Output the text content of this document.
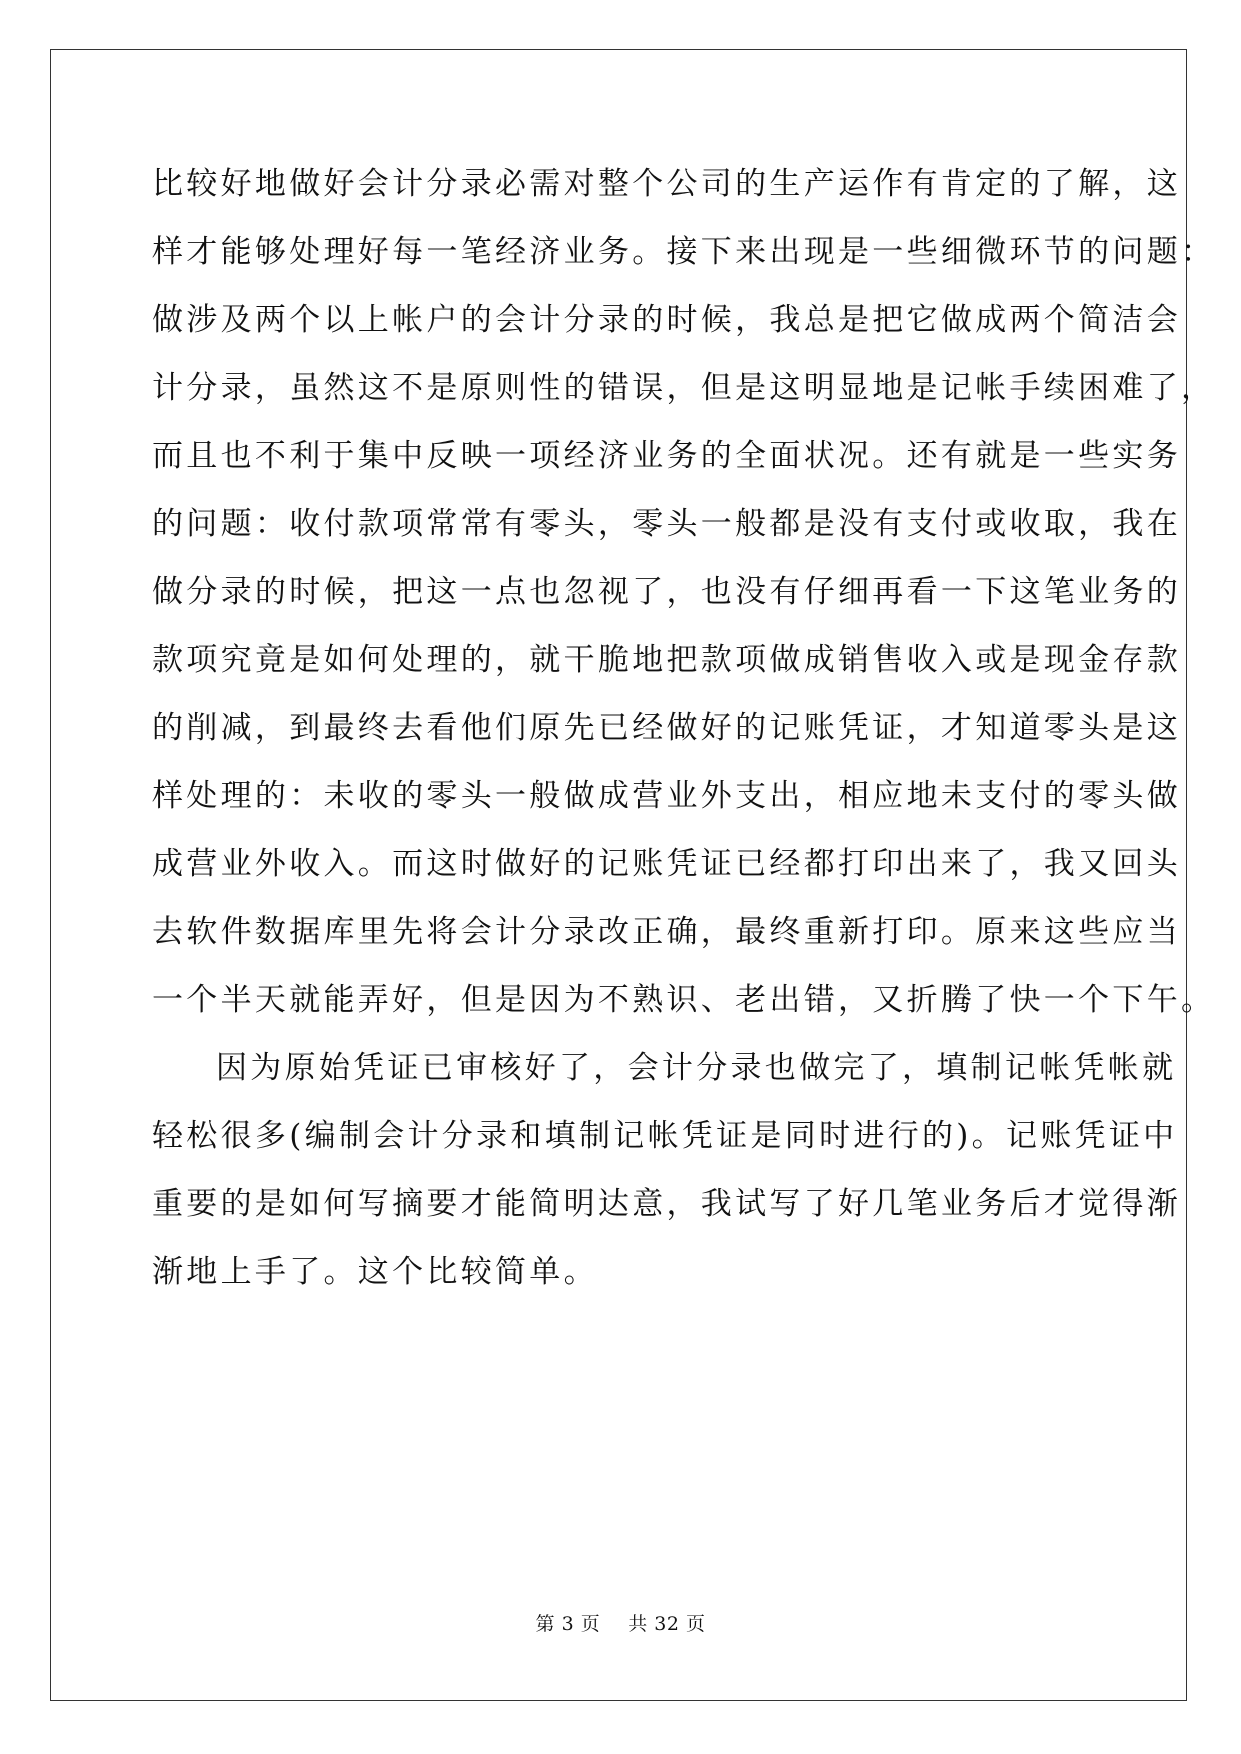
比较好地做好会计分录必需对整个公司的生产运作有肯定的了解，这
样才能够处理好每一笔经济业务。接下来出现是一些细微环节的问题：
做涉及两个以上帐户的会计分录的时候，我总是把它做成两个简洁会
计分录，虽然这不是原则性的错误，但是这明显地是记帐手续困难了，
而且也不利于集中反映一项经济业务的全面状况。还有就是一些实务
的问题：收付款项常常有零头，零头一般都是没有支付或收取，我在
做分录的时候，把这一点也忽视了，也没有仔细再看一下这笔业务的
款项究竟是如何处理的，就干脆地把款项做成销售收入或是现金存款
的削减，到最终去看他们原先已经做好的记账凭证，才知道零头是这
样处理的：未收的零头一般做成营业外支出，相应地未支付的零头做
成营业外收入。而这时做好的记账凭证已经都打印出来了，我又回头
去软件数据库里先将会计分录改正确，最终重新打印。原来这些应当
一个半天就能弄好，但是因为不熟识、老出错，又折腾了快一个下午。
因为原始凭证已审核好了，会计分录也做完了，填制记帐凭帐就
轻松很多(编制会计分录和填制记帐凭证是同时进行的)。记账凭证中
重要的是如何写摘要才能简明达意，我试写了好几笔业务后才觉得渐
渐地上手了。这个比较简单。
第 3 页 共 32 页
